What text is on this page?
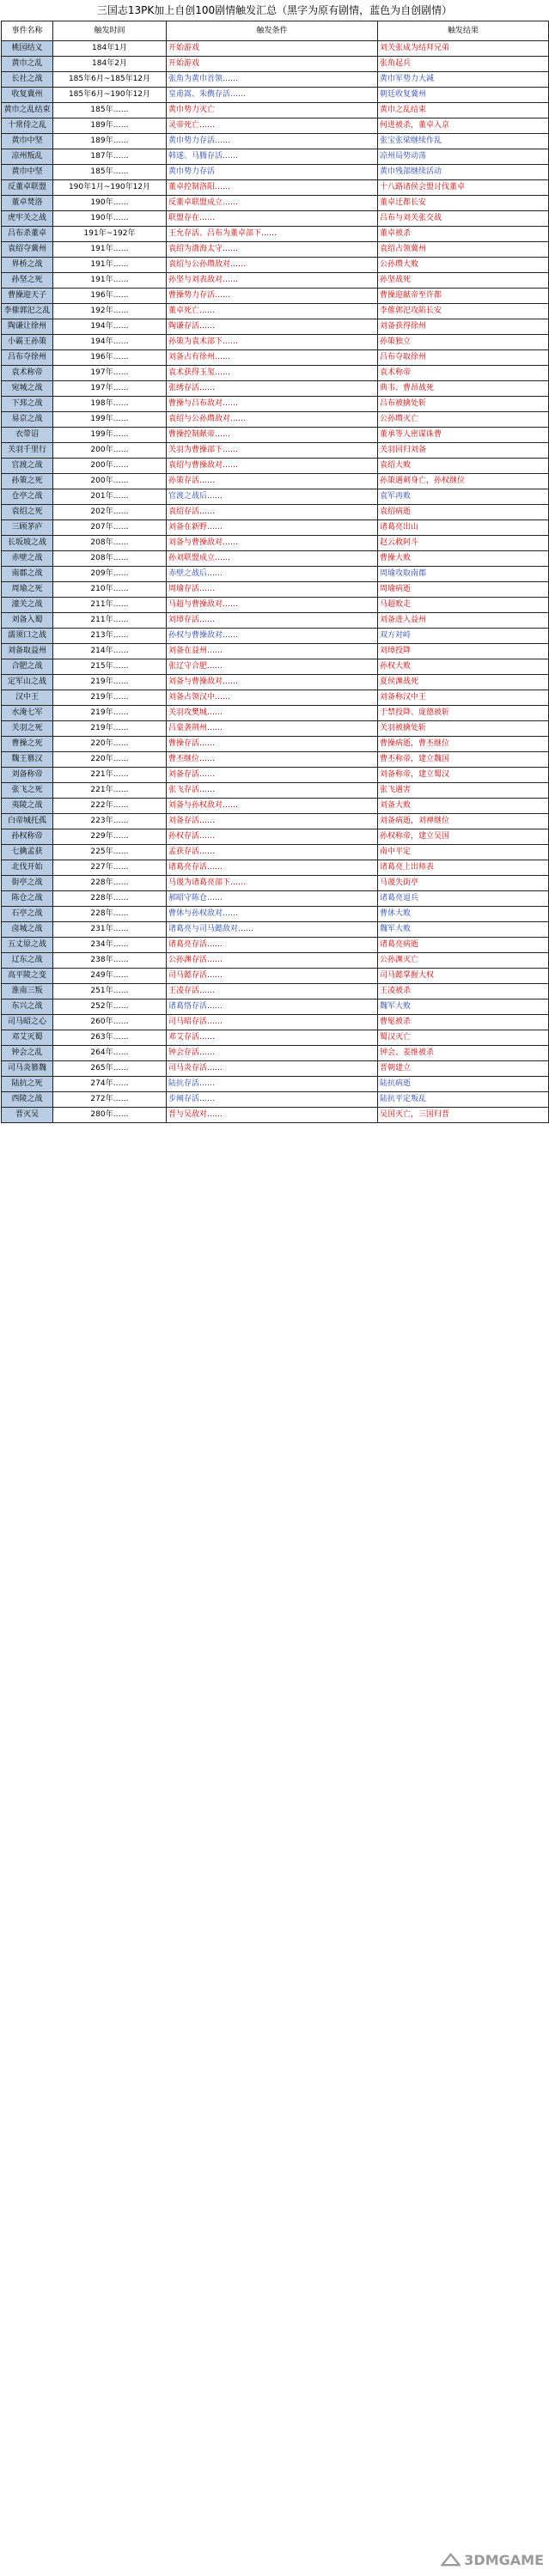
三国志13PK加上自创100剧情触发汇总（黑字为原有剧情，蓝色为自创剧情）
事件名称	触发时间	触发条件	触发结果
桃园结义	184年1月	开始游戏	刘关张成为结拜兄弟
黄巾之乱	184年2月	开始游戏	张角起兵
长社之战	185年6月~185年12月	张角为黄巾首领……	黄巾军势力大减
收复冀州	185年6月~190年12月	皇甫嵩、朱儁存活……	朝廷收复冀州
黄巾之乱结束	185年……	黄巾势力灭亡	黄巾之乱结束
十常侍之乱	189年……	灵帝死亡……	何进被杀，董卓入京
黄巾中坚	189年……	黄巾势力存活……	张宝张梁继续作乱
凉州叛乱	187年……	韩遂、马腾存活……	凉州局势动荡
黄巾中坚	185年……	黄巾势力存活	黄巾残部继续活动
反董卓联盟	190年1月~190年12月	董卓控制洛阳……	十八路诸侯会盟讨伐董卓
董卓焚洛	190年……	反董卓联盟成立……	董卓迁都长安
虎牢关之战	190年……	联盟存在……	吕布与刘关张交战
吕布杀董卓	191年~192年	王允存活、吕布为董卓部下……	董卓被杀
袁绍夺冀州	191年……	袁绍为渤海太守……	袁绍占领冀州
界桥之战	191年……	袁绍与公孙瓒敌对……	公孙瓒大败
孙坚之死	191年……	孙坚与刘表敌对……	孙坚战死
曹操迎天子	196年……	曹操势力存活……	曹操迎献帝至许都
李傕郭汜之乱	192年……	董卓死亡……	李傕郭汜攻陷长安
陶谦让徐州	194年……	陶谦存活……	刘备获得徐州
小霸王孙策	194年……	孙策为袁术部下……	孙策独立
吕布夺徐州	196年……	刘备占有徐州……	吕布夺取徐州
袁术称帝	197年……	袁术获得玉玺……	袁术称帝
宛城之战	197年……	张绣存活……	典韦、曹昂战死
下邳之战	198年……	曹操与吕布敌对……	吕布被擒处斩
易京之战	199年……	袁绍与公孙瓒敌对……	公孙瓒灭亡
衣带诏	199年……	曹操控制献帝……	董承等人密谋诛曹
关羽千里行	200年……	关羽为曹操部下……	关羽回归刘备
官渡之战	200年……	袁绍与曹操敌对……	袁绍大败
孙策之死	200年……	孙策存活……	孙策遇刺身亡，孙权继位
仓亭之战	201年……	官渡之战后……	袁军再败
袁绍之死	202年……	袁绍存活……	袁绍病逝
三顾茅庐	207年……	刘备在新野……	诸葛亮出山
长坂坡之战	208年……	刘备与曹操敌对……	赵云救阿斗
赤壁之战	208年……	孙刘联盟成立……	曹操大败
南郡之战	209年……	赤壁之战后……	周瑜攻取南郡
周瑜之死	210年……	周瑜存活……	周瑜病逝
潼关之战	211年……	马超与曹操敌对……	马超败走
刘备入蜀	211年……	刘璋存活……	刘备进入益州
濡须口之战	213年……	孙权与曹操敌对……	双方对峙
刘备取益州	214年……	刘备在益州……	刘璋投降
合肥之战	215年……	张辽守合肥……	孙权大败
定军山之战	219年……	刘备与曹操敌对……	夏侯渊战死
汉中王	219年……	刘备占领汉中……	刘备称汉中王
水淹七军	219年……	关羽攻樊城……	于禁投降、庞德被斩
关羽之死	219年……	吕蒙袭荆州……	关羽被擒处斩
曹操之死	220年……	曹操存活……	曹操病逝，曹丕继位
魏王篡汉	220年……	曹丕继位……	曹丕称帝，建立魏国
刘备称帝	221年……	刘备存活……	刘备称帝，建立蜀汉
张飞之死	221年……	张飞存活……	张飞遇害
夷陵之战	222年……	刘备与孙权敌对……	刘备大败
白帝城托孤	223年……	刘备存活……	刘备病逝，刘禅继位
孙权称帝	229年……	孙权存活……	孙权称帝，建立吴国
七擒孟获	225年……	孟获存活……	南中平定
北伐开始	227年……	诸葛亮存活……	诸葛亮上出师表
街亭之战	228年……	马谡为诸葛亮部下……	马谡失街亭
陈仓之战	228年……	郝昭守陈仓……	诸葛亮退兵
石亭之战	228年……	曹休与孙权敌对……	曹休大败
卤城之战	231年……	诸葛亮与司马懿敌对……	魏军大败
五丈原之战	234年……	诸葛亮存活……	诸葛亮病逝
辽东之战	238年……	公孙渊存活……	公孙渊灭亡
高平陵之变	249年……	司马懿存活……	司马懿掌握大权
淮南三叛	251年……	王凌存活……	王凌被杀
东兴之战	252年……	诸葛恪存活……	魏军大败
司马昭之心	260年……	司马昭存活……	曹髦被杀
邓艾灭蜀	263年……	邓艾存活……	蜀汉灭亡
钟会之乱	264年……	钟会存活……	钟会、姜维被杀
司马炎篡魏	265年……	司马炎存活……	晋朝建立
陆抗之死	274年……	陆抗存活……	陆抗病逝
西陵之战	272年……	步阐存活……	陆抗平定叛乱
晋灭吴	280年……	晋与吴敌对……	吴国灭亡，三国归晋
3DMGAME
